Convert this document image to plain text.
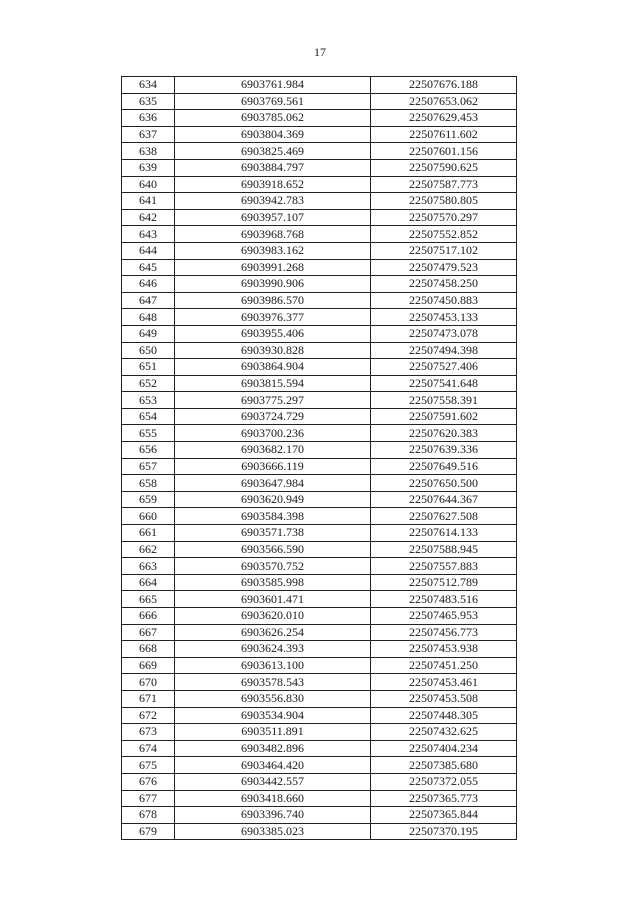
17
634	6903761.984	22507676.188
635	6903769.561	22507653.062
636	6903785.062	22507629.453
637	6903804.369	22507611.602
638	6903825.469	22507601.156
639	6903884.797	22507590.625
640	6903918.652	22507587.773
641	6903942.783	22507580.805
642	6903957.107	22507570.297
643	6903968.768	22507552.852
644	6903983.162	22507517.102
645	6903991.268	22507479.523
646	6903990.906	22507458.250
647	6903986.570	22507450.883
648	6903976.377	22507453.133
649	6903955.406	22507473.078
650	6903930.828	22507494.398
651	6903864.904	22507527.406
652	6903815.594	22507541.648
653	6903775.297	22507558.391
654	6903724.729	22507591.602
655	6903700.236	22507620.383
656	6903682.170	22507639.336
657	6903666.119	22507649.516
658	6903647.984	22507650.500
659	6903620.949	22507644.367
660	6903584.398	22507627.508
661	6903571.738	22507614.133
662	6903566.590	22507588.945
663	6903570.752	22507557.883
664	6903585.998	22507512.789
665	6903601.471	22507483.516
666	6903620.010	22507465.953
667	6903626.254	22507456.773
668	6903624.393	22507453.938
669	6903613.100	22507451.250
670	6903578.543	22507453.461
671	6903556.830	22507453.508
672	6903534.904	22507448.305
673	6903511.891	22507432.625
674	6903482.896	22507404.234
675	6903464.420	22507385.680
676	6903442.557	22507372.055
677	6903418.660	22507365.773
678	6903396.740	22507365.844
679	6903385.023	22507370.195
